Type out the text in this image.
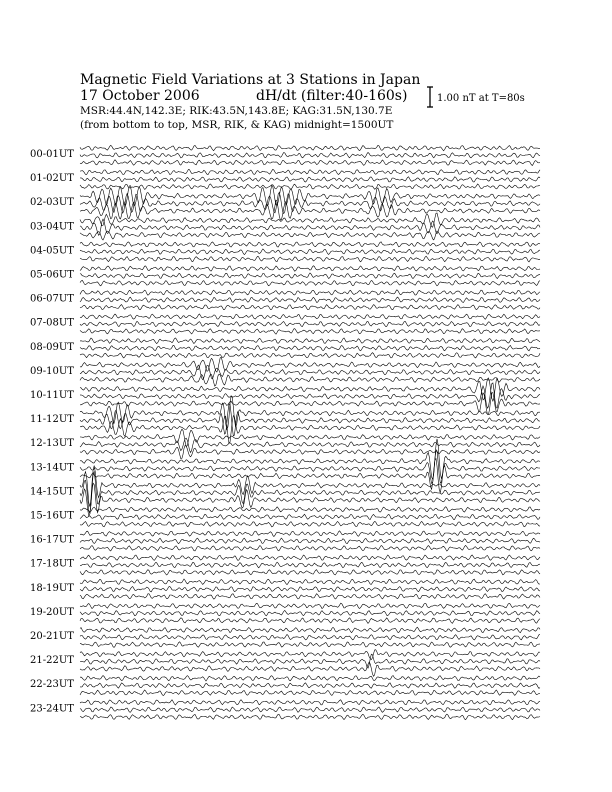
Magnetic Field Variations at 3 Stations in Japan
17 October 2006	dH/dt (filter:40-160s)
MSR:44.4N,142.3E; RIK:43.5N,143.8E; KAG:31.5N,130.7E
(from bottom to top, MSR, RIK, & KAG) midnight=1500UT
1.00 nT at T=80s
00-01UT
01-02UT
02-03UT
03-04UT
04-05UT
05-06UT
06-07UT
07-08UT
08-09UT
09-10UT
10-11UT
11-12UT
12-13UT
13-14UT
14-15UT
15-16UT
16-17UT
17-18UT
18-19UT
19-20UT
20-21UT
21-22UT
22-23UT
23-24UT
